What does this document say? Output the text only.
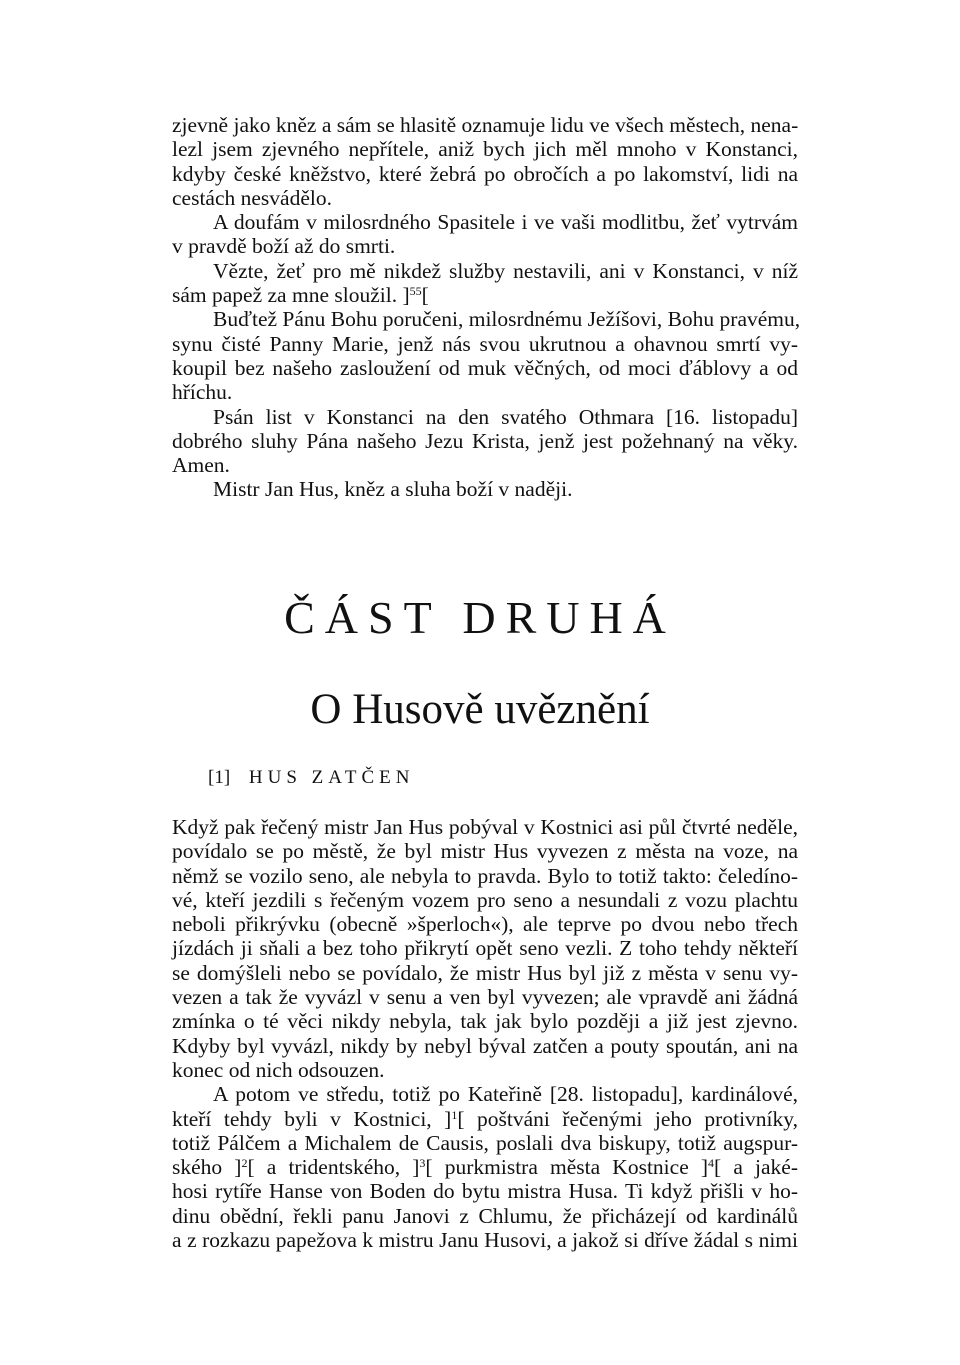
zjevně jako kněz a sám se hlasitě oznamuje lidu ve všech městech, nena-
lezl jsem zjevného nepřítele, aniž bych jich měl mnoho v Konstanci,
kdyby české kněžstvo, které žebrá po obročích a po lakomství, lidi na
cestách nesvádělo.
A doufám v milosrdného Spasitele i ve vaši modlitbu, žeť vytrvám
v pravdě boží až do smrti.
Vězte, žeť pro mě nikdež služby nestavili, ani v Konstanci, v níž
sám papež za mne sloužil. ]$^{55}$[
Buďtež Pánu Bohu poručeni, milosrdnému Ježíšovi, Bohu pravému,
synu čisté Panny Marie, jenž nás svou ukrutnou a ohavnou smrtí vy-
koupil bez našeho zasloužení od muk věčných, od moci ďáblovy a od
hříchu.
Psán list v Konstanci na den svatého Othmara [16. listopadu]
dobrého sluhy Pána našeho Jezu Krista, jenž jest požehnaný na věky.
Amen.
Mistr Jan Hus, kněz a sluha boží v naději.
ČÁST DRUHÁ
O Husově uvěznění
[1] HUS ZATČEN
Když pak řečený mistr Jan Hus pobýval v Kostnici asi půl čtvrté neděle,
povídalo se po městě, že byl mistr Hus vyvezen z města na voze, na
němž se vozilo seno, ale nebyla to pravda. Bylo to totiž takto: čeledíno-
vé, kteří jezdili s řečeným vozem pro seno a nesundali z vozu plachtu
neboli přikrývku (obecně »šperloch«), ale teprve po dvou nebo třech
jízdách ji sňali a bez toho přikrytí opět seno vezli. Z toho tehdy někteří
se domýšleli nebo se povídalo, že mistr Hus byl již z města v senu vy-
vezen a tak že vyvázl v senu a ven byl vyvezen; ale vpravdě ani žádná
zmínka o té věci nikdy nebyla, tak jak bylo později a již jest zjevno.
Kdyby byl vyvázl, nikdy by nebyl býval zatčen a pouty spoután, ani na
konec od nich odsouzen.
A potom ve středu, totiž po Kateřině [28. listopadu], kardinálové,
kteří tehdy byli v Kostnici, ]$^1$[ poštváni řečenými jeho protivníky,
totiž Pálčem a Michalem de Causis, poslali dva biskupy, totiž augspur-
ského ]$^2$[ a tridentského, ]$^3$[ purkmistra města Kostnice ]$^4$[ a jaké-
hosi rytíře Hanse von Boden do bytu mistra Husa. Ti když přišli v ho-
dinu obědní, řekli panu Janovi z Chlumu, že přicházejí od kardinálů
a z rozkazu papežova k mistru Janu Husovi, a jakož si dříve žádal s nimi
